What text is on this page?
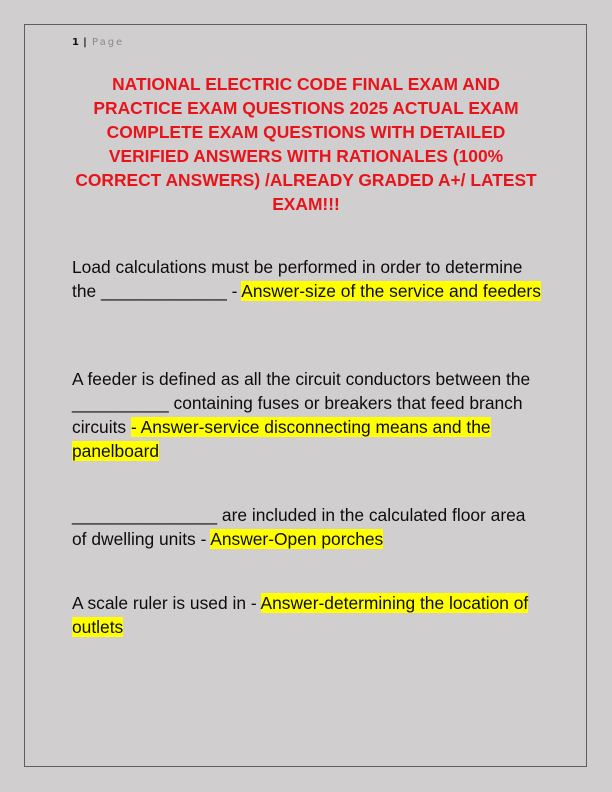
1 | Page
NATIONAL ELECTRIC CODE FINAL EXAM AND PRACTICE EXAM QUESTIONS 2025 ACTUAL EXAM COMPLETE EXAM QUESTIONS WITH DETAILED VERIFIED ANSWERS WITH RATIONALES (100% CORRECT ANSWERS) /ALREADY GRADED A+/ LATEST EXAM!!!
Load calculations must be performed in order to determine the _____________ - Answer-size of the service and feeders
A feeder is defined as all the circuit conductors between the __________ containing fuses or breakers that feed branch circuits - Answer-service disconnecting means and the panelboard
_______________ are included in the calculated floor area of dwelling units - Answer-Open porches
A scale ruler is used in - Answer-determining the location of outlets
